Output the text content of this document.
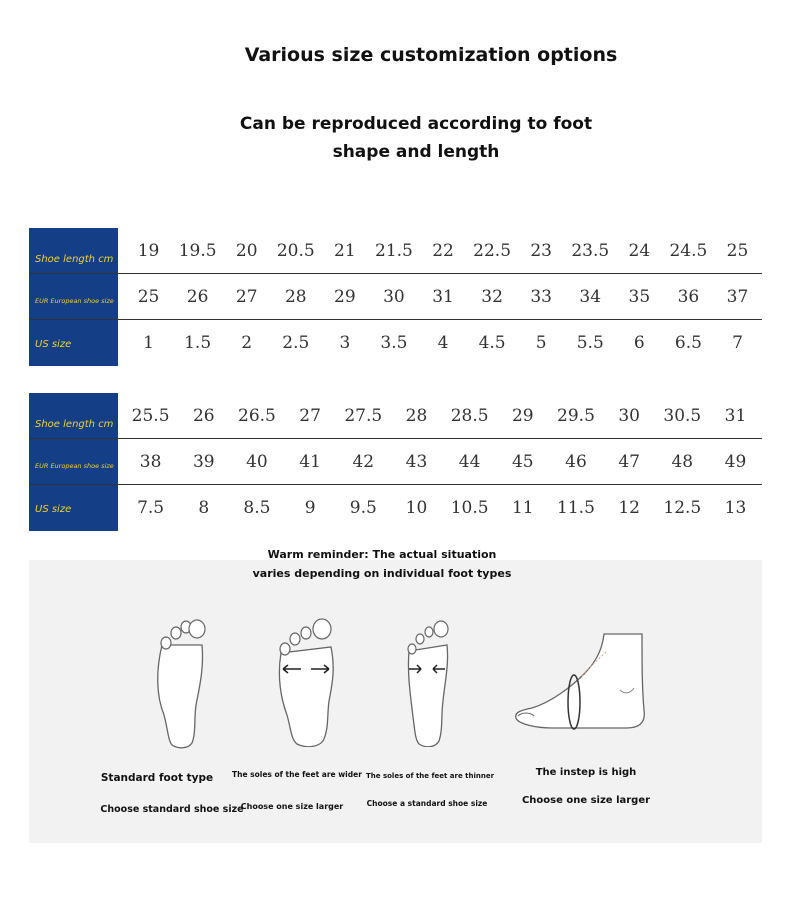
Various size customization options
Can be reproduced according to foot
shape and length
Shoe length cm	19	19.5	20	20.5	21	21.5	22	22.5	23	23.5	24	24.5	25
EUR European shoe size	25	26	27	28	29	30	31	32	33	34	35	36	37
US size	1	1.5	2	2.5	3	3.5	4	4.5	5	5.5	6	6.5	7
Shoe length cm	25.5	26	26.5	27	27.5	28	28.5	29	29.5	30	30.5	31
EUR European shoe size	38	39	40	41	42	43	44	45	46	47	48	49
US size	7.5	8	8.5	9	9.5	10	10.5	11	11.5	12	12.5	13
Warm reminder: The actual situation
varies depending on individual foot types
Standard foot type
Choose standard shoe size
The soles of the feet are wider
Choose one size larger
The soles of the feet are thinner
Choose a standard shoe size
The instep is high
Choose one size larger
